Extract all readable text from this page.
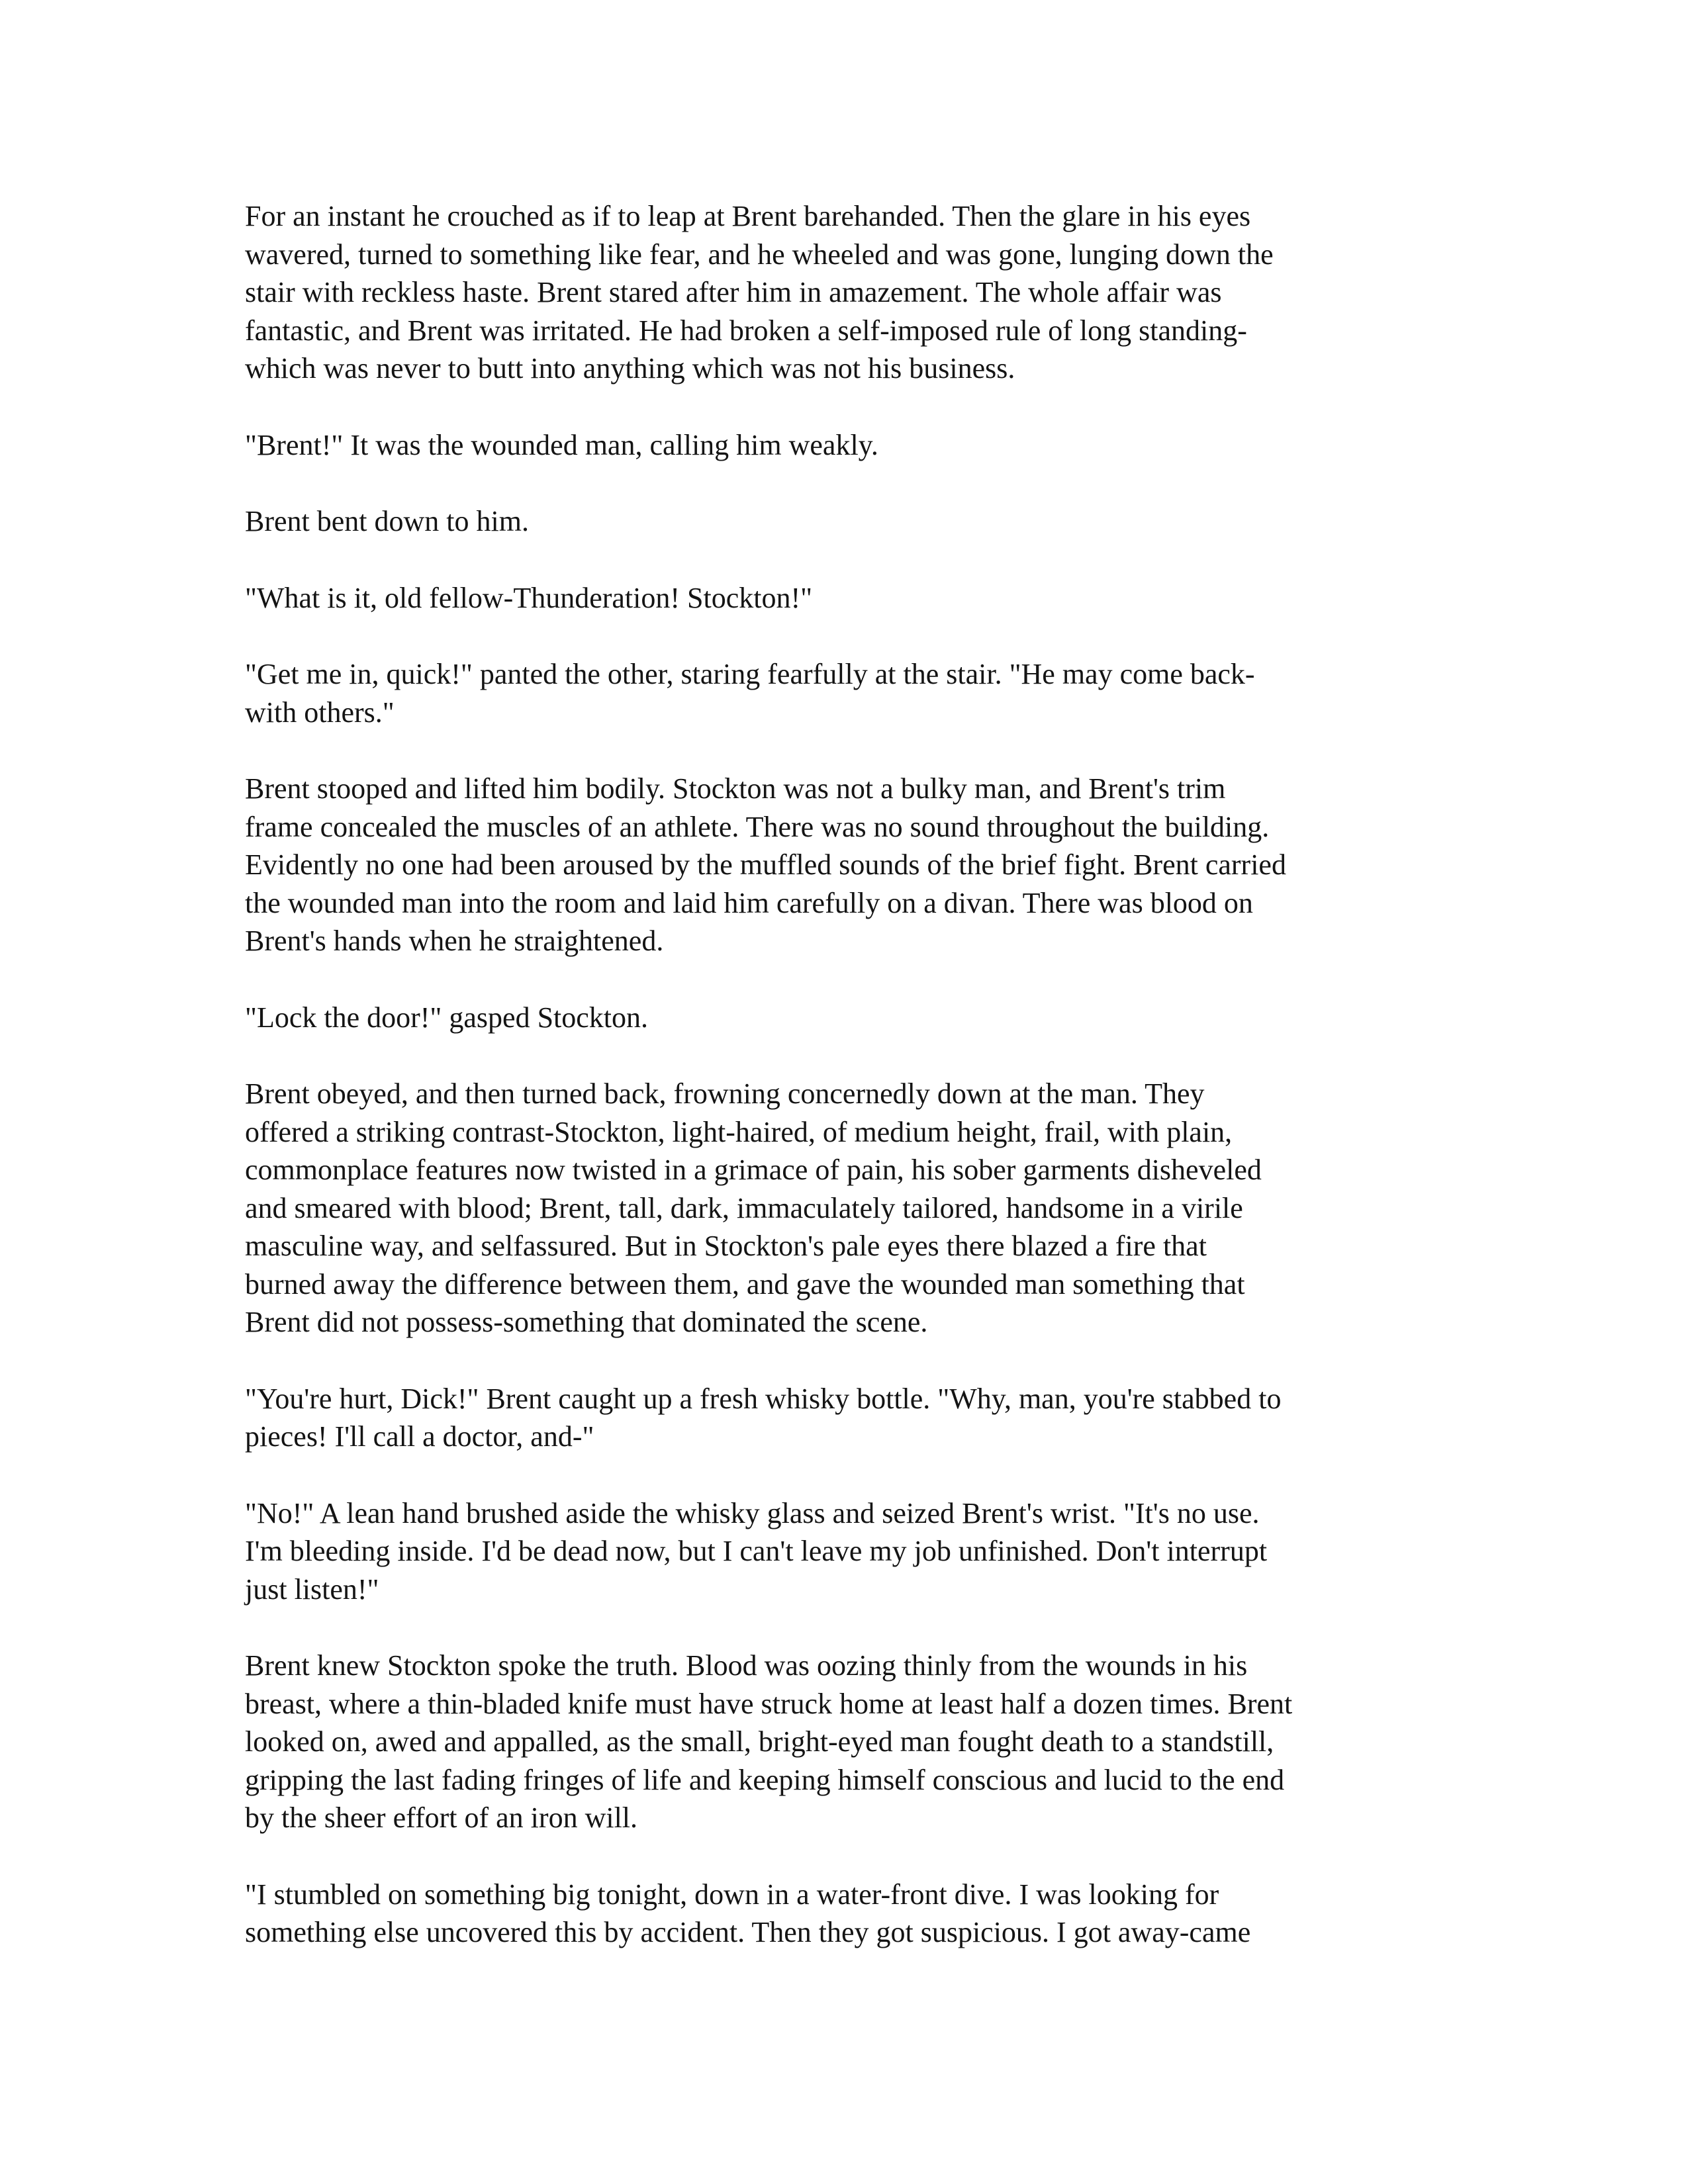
For an instant he crouched as if to leap at Brent barehanded. Then the glare in his eyes
wavered, turned to something like fear, and he wheeled and was gone, lunging down the
stair with reckless haste. Brent stared after him in amazement. The whole affair was
fantastic, and Brent was irritated. He had broken a self-imposed rule of long standing-
which was never to butt into anything which was not his business.

"Brent!" It was the wounded man, calling him weakly.

Brent bent down to him.

"What is it, old fellow-Thunderation! Stockton!"

"Get me in, quick!" panted the other, staring fearfully at the stair. "He may come back-
with others."

Brent stooped and lifted him bodily. Stockton was not a bulky man, and Brent's trim
frame concealed the muscles of an athlete. There was no sound throughout the building.
Evidently no one had been aroused by the muffled sounds of the brief fight. Brent carried
the wounded man into the room and laid him carefully on a divan. There was blood on
Brent's hands when he straightened.

"Lock the door!" gasped Stockton.

Brent obeyed, and then turned back, frowning concernedly down at the man. They
offered a striking contrast-Stockton, light-haired, of medium height, frail, with plain,
commonplace features now twisted in a grimace of pain, his sober garments disheveled
and smeared with blood; Brent, tall, dark, immaculately tailored, handsome in a virile
masculine way, and selfassured. But in Stockton's pale eyes there blazed a fire that
burned away the difference between them, and gave the wounded man something that
Brent did not possess-something that dominated the scene.

"You're hurt, Dick!" Brent caught up a fresh whisky bottle. "Why, man, you're stabbed to
pieces! I'll call a doctor, and-"

"No!" A lean hand brushed aside the whisky glass and seized Brent's wrist. "It's no use.
I'm bleeding inside. I'd be dead now, but I can't leave my job unfinished. Don't interrupt
just listen!"

Brent knew Stockton spoke the truth. Blood was oozing thinly from the wounds in his
breast, where a thin-bladed knife must have struck home at least half a dozen times. Brent
looked on, awed and appalled, as the small, bright-eyed man fought death to a standstill,
gripping the last fading fringes of life and keeping himself conscious and lucid to the end
by the sheer effort of an iron will.

"I stumbled on something big tonight, down in a water-front dive. I was looking for
something else uncovered this by accident. Then they got suspicious. I got away-came
